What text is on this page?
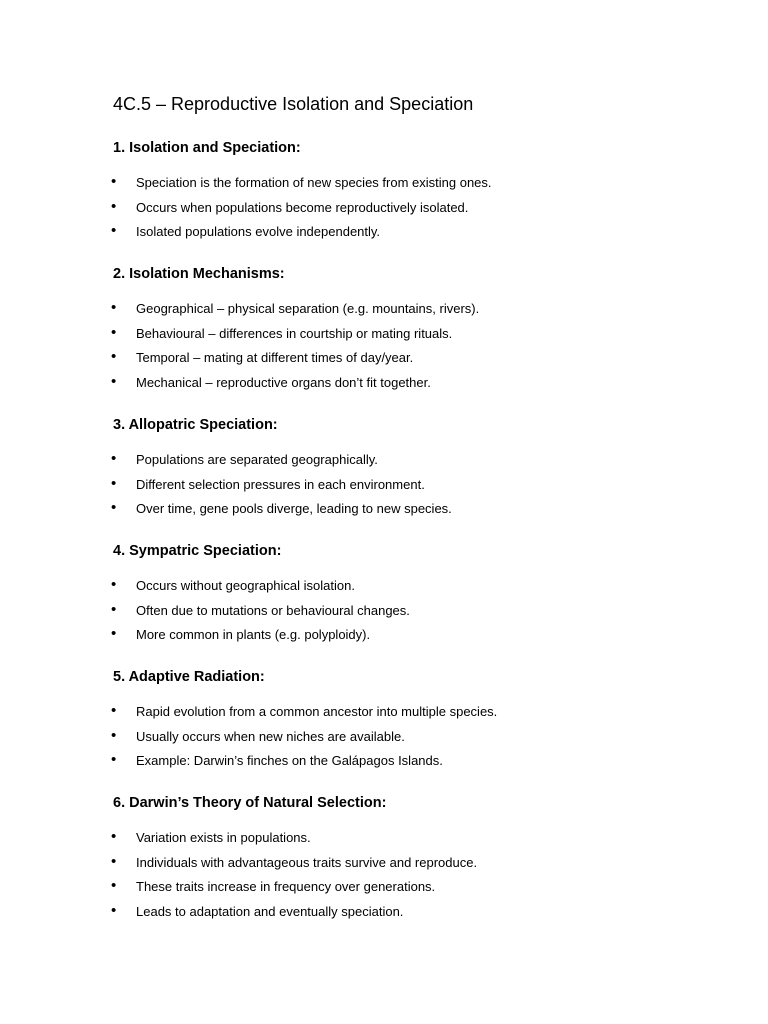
4C.5 – Reproductive Isolation and Speciation
1. Isolation and Speciation:
• Speciation is the formation of new species from existing ones.
• Occurs when populations become reproductively isolated.
• Isolated populations evolve independently.
2. Isolation Mechanisms:
• Geographical – physical separation (e.g. mountains, rivers).
• Behavioural – differences in courtship or mating rituals.
• Temporal – mating at different times of day/year.
• Mechanical – reproductive organs don’t fit together.
3. Allopatric Speciation:
• Populations are separated geographically.
• Different selection pressures in each environment.
• Over time, gene pools diverge, leading to new species.
4. Sympatric Speciation:
• Occurs without geographical isolation.
• Often due to mutations or behavioural changes.
• More common in plants (e.g. polyploidy).
5. Adaptive Radiation:
• Rapid evolution from a common ancestor into multiple species.
• Usually occurs when new niches are available.
• Example: Darwin’s finches on the Galápagos Islands.
6. Darwin’s Theory of Natural Selection:
• Variation exists in populations.
• Individuals with advantageous traits survive and reproduce.
• These traits increase in frequency over generations.
• Leads to adaptation and eventually speciation.
